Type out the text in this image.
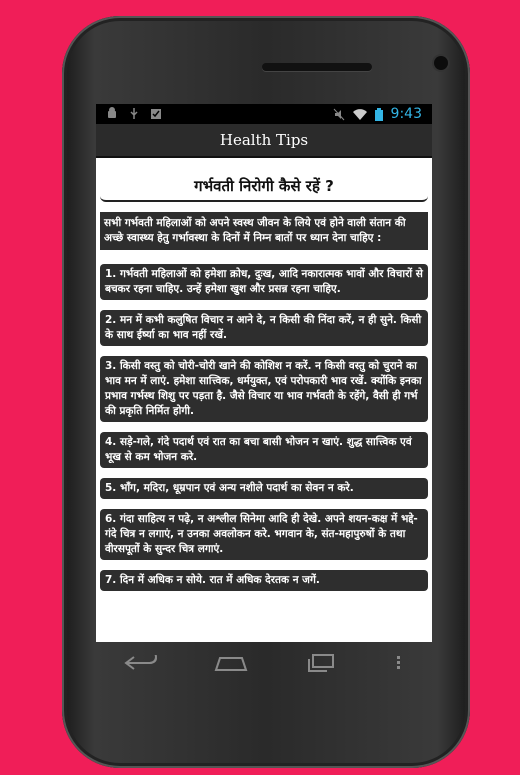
9:43
Health Tips
गर्भवती निरोगी कैसे रहें ?
सभी गर्भवती महिलाओं को अपने स्वस्थ जीवन के लिये एवं होने वाली संतान की अच्छे स्वास्थ्य हेतु गर्भावस्था के दिनों में निम्न बातों पर ध्यान देना चाहिए :
1. गर्भवती महिलाओं को हमेशा क्रोध, दुःख, आदि नकारात्मक भावों और विचारों से बचकर रहना चाहिए. उन्हें हमेशा खुश और प्रसन्न रहना चाहिए.
2. मन में कभी कलुषित विचार न आने दे, न किसी की निंदा करें, न ही सुने. किसी के साथ ईर्ष्या का भाव नहीं रखें.
3. किसी वस्तु को चोरी-चोरी खाने की कोशिश न करें. न किसी वस्तु को चुराने का भाव मन में लाएं. हमेशा सात्त्विक, धर्मयुक्त, एवं परोपकारी भाव रखें. क्योंकि इनका प्रभाव गर्भस्थ शिशु पर पड़ता है. जैसे विचार या भाव गर्भवती के रहेंगे, वैसी ही गर्भ की प्रकृति निर्मित होगी.
4. सड़े-गले, गंदे पदार्थ एवं रात का बचा बासी भोजन न खाएं. शुद्ध सात्त्विक एवं भूख से कम भोजन करे.
5. भाँग, मदिरा, धूम्रपान एवं अन्य नशीले पदार्थ का सेवन न करे.
6. गंदा साहित्य न पढ़े, न अश्लील सिनेमा आदि ही देखे. अपने शयन-कक्ष में भद्दे-गंदे चित्र न लगाएं, न उनका अवलोकन करे. भगवान के, संत-महापुरुषों के तथा वीरसपूतों के सुन्दर चित्र लगाएं.
7. दिन में अधिक न सोये. रात में अधिक देरतक न जगें.
